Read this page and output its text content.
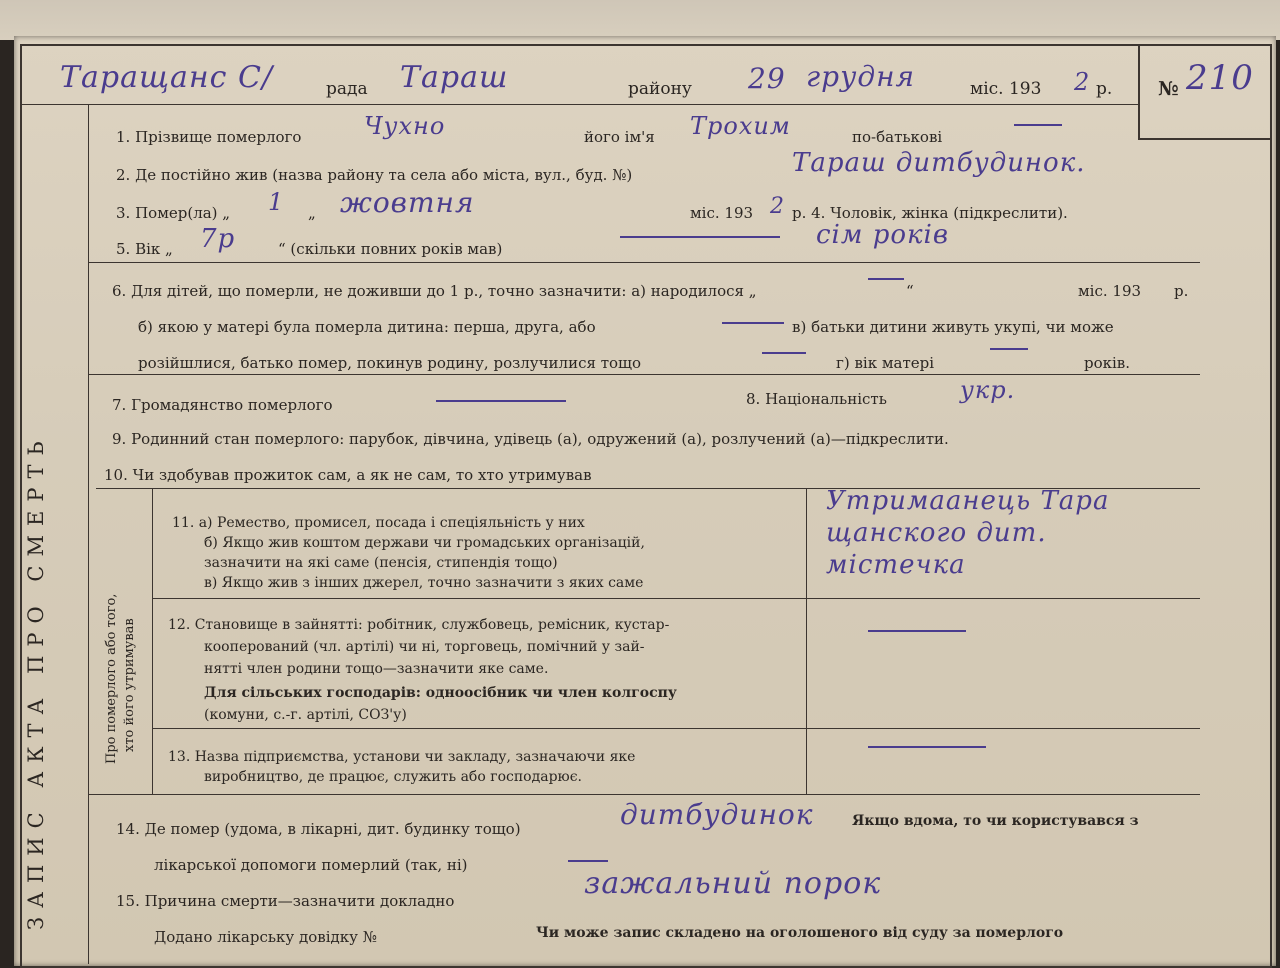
ЗАПИС АКТА ПРО СМЕРТЬ	Про померлого або того, хто його утримував
Таращанс С/	рада Тараш	району 29 грудня	міс. 193 2 р. № 210
1. Прізвище померлого	Чухно	його ім'я Трохим	по-батькові
2. Де постійно жив (назва району та села або міста, вул., буд. №)	Тараш дитбудинок.
3. Помер(ла) „ 1 „ жовтня	міс. 193 2 р. 4. Чоловік, жінка (підкреслити).
5. Вік „ 7р	“ (скільки повних років мав)	сім років
6. Для дітей, що померли, не доживши до 1 р., точно зазначити: а) народилося „	“	міс. 193 р.
б) якою у матері була померла дитина: перша, друга, або	в) батьки дитини живуть укупі, чи може
розійшлися, батько помер, покинув родину, розлучилися тощо	г) вік матері	років.
7. Громадянство померлого	8. Національність	укр.
9. Родинний стан померлого: парубок, дівчина, удівець (а), одружений (а), розлучений (а)—підкреслити.
10. Чи здобував прожиток сам, а як не сам, то хто утримував
11. а) Ремество, промисел, посада і спеціяльність у них
б) Якщо жив коштом держави чи громадських організацій,
зазначити на які саме (пенсія, стипендія тощо)
в) Якщо жив з інших джерел, точно зазначити з яких саме
Утримаанець Тара
щанского дит.
містечка
12. Становище в зайнятті: робітник, службовець, ремісник, кустар-
кооперований (чл. артілі) чи ні, торговець, помічний у зай-
нятті член родини тощо—зазначити яке саме.
Для сільських господарів: одноосібник чи член колгоспу
(комуни, с.-г. артілі, СОЗ'у)
13. Назва підприємства, установи чи закладу, зазначаючи яке
виробництво, де працює, служить або господарює.
14. Де помер (удома, в лікарні, дит. будинку тощо)	дитбудинок	Якщо вдома, то чи користувався з
лікарської допомоги померлий (так, ні)
15. Причина смерти—зазначити докладно	зажальний порок
Додано лікарську довідку №	Чи може запис складено на оголошеного від суду за померлого
